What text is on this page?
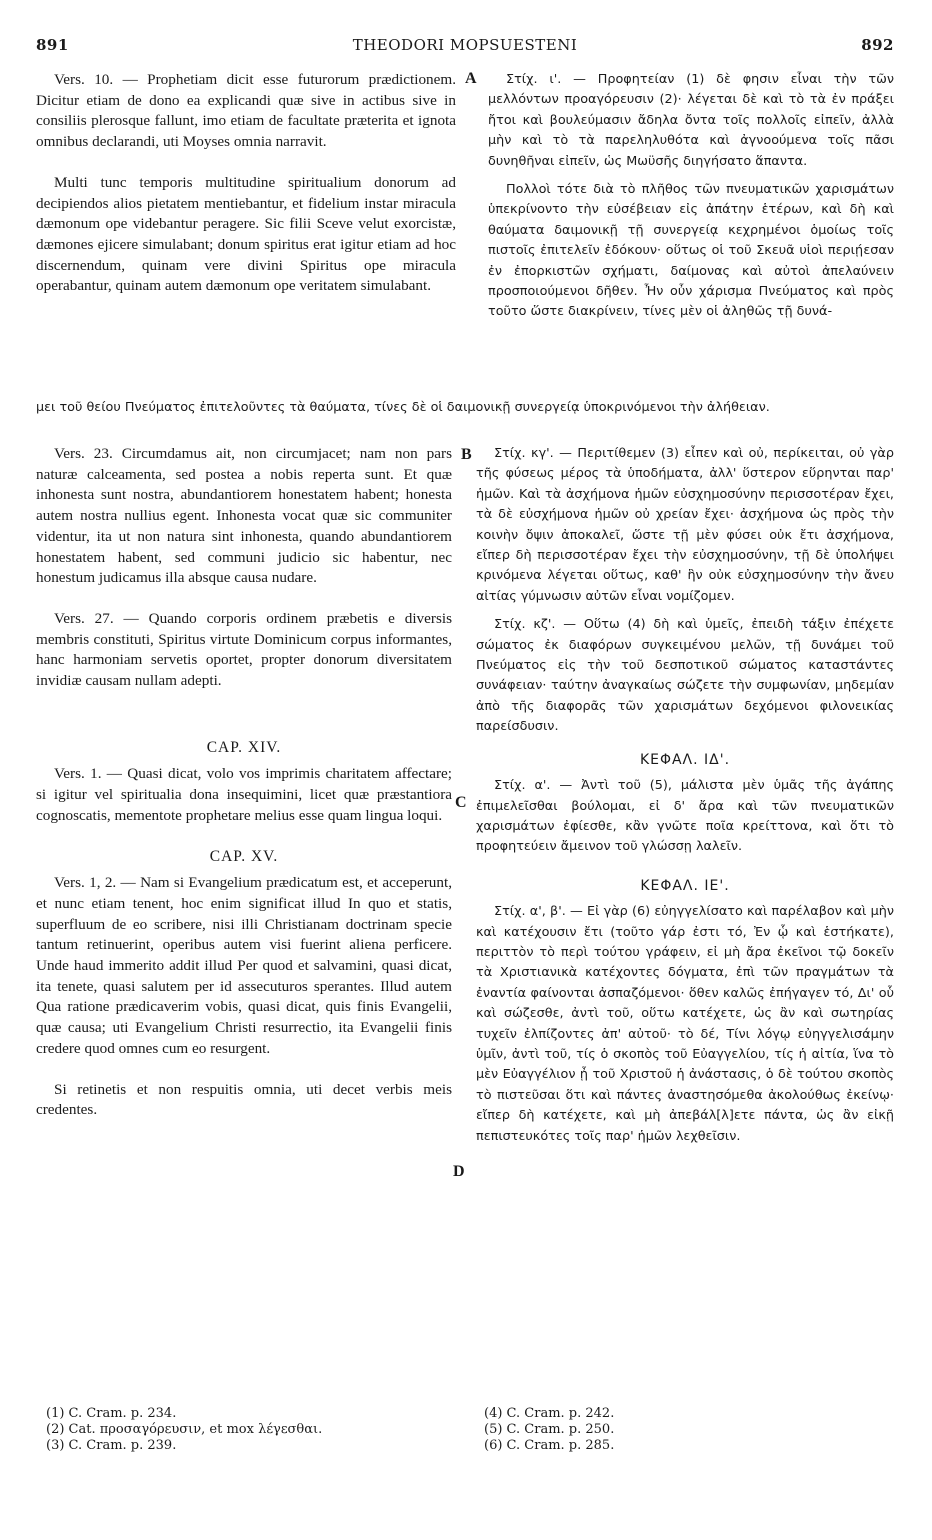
891	THEODORI MOPSUESTENI	892
A
B
C
D

Vers. 10. — Prophetiam dicit esse futurorum prædictionem. Dicitur etiam de dono ea explicandi quæ sive in actibus sive in consiliis plerosque fallunt, imo etiam de facultate præterita et ignota omnibus declarandi, uti Moyses omnia narravit.

Multi tunc temporis multitudine spiritualium donorum ad decipiendos alios pietatem mentiebantur, et fidelium instar miracula dæmonum ope videbantur peragere. Sic filii Sceve velut exorcistæ, dæmones ejicere simulabant; donum spiritus erat igitur etiam ad hoc discernendum, quinam vere divini Spiritus ope miracula operabantur, quinam autem dæmonum ope veritatem simulabant.

Στίχ. ι'. — Προφητείαν (1) δὲ φησιν εἶναι τὴν τῶν μελλόντων προαγόρευσιν (2)· λέγεται δὲ καὶ τὸ τὰ ἐν πράξει ἤτοι καὶ βουλεύμασιν ἄδηλα ὄντα τοῖς πολλοῖς εἰπεῖν, ἀλλὰ μὴν καὶ τὸ τὰ παρεληλυθότα καὶ ἀγνοούμενα τοῖς πᾶσι δυνηθῆναι εἰπεῖν, ὡς Μωϋσῆς διηγήσατο ἅπαντα.

Πολλοὶ τότε διὰ τὸ πλῆθος τῶν πνευματικῶν χαρισμάτων ὑπεκρίνοντο τὴν εὐσέβειαν εἰς ἀπάτην ἑτέρων, καὶ δὴ καὶ θαύματα δαιμονικῇ τῇ συνεργείᾳ κεχρημένοι ὁμοίως τοῖς πιστοῖς ἐπιτελεῖν ἐδόκουν· οὕτως οἱ τοῦ Σκευᾶ υἱοὶ περιῄεσαν ἐν ἐπορκιστῶν σχήματι, δαίμονας καὶ αὐτοὶ ἀπελαύνειν προσποιούμενοι δῆθεν. Ἦν οὖν χάρισμα Πνεύματος καὶ πρὸς τοῦτο ὥστε διακρίνειν, τίνες μὲν οἱ ἀληθῶς τῇ δυνά-

μει τοῦ θείου Πνεύματος ἐπιτελοῦντες τὰ θαύματα, τίνες δὲ οἱ δαιμονικῇ συνεργείᾳ ὑποκρινόμενοι τὴν ἀλήθειαν.

Vers. 23. Circumdamus ait, non circumjacet; nam non pars naturæ calceamenta, sed postea a nobis reperta sunt. Et quæ inhonesta sunt nostra, abundantiorem honestatem habent; honesta autem nostra nullius egent. Inhonesta vocat quæ sic communiter videntur, ita ut non natura sint inhonesta, quando abundantiorem honestatem habent, sed communi judicio sic habentur, nec honestum judicamus illa absque causa nudare.

Vers. 27. — Quando corporis ordinem præbetis e diversis membris constituti, Spiritus virtute Dominicum corpus informantes, hanc harmoniam servetis oportet, propter donorum diversitatem invidiæ causam nullam adepti.

CAP. XIV.

Vers. 1. — Quasi dicat, volo vos imprimis charitatem affectare; si igitur vel spiritualia dona insequimini, licet quæ præstantiora cognoscatis, mementote prophetare melius esse quam lingua loqui.

CAP. XV.

Vers. 1, 2. — Nam si Evangelium prædicatum est, et acceperunt, et nunc etiam tenent, hoc enim significat illud In quo et statis, superfluum de eo scribere, nisi illi Christianam doctrinam specie tantum retinuerint, operibus autem visi fuerint aliena perficere. Unde haud immerito addit illud Per quod et salvamini, quasi dicat, ita tenete, quasi salutem per id assecuturos sperantes. Illud autem Qua ratione prædicaverim vobis, quasi dicat, quis finis Evangelii, quæ causa; uti Evangelium Christi resurrectio, ita Evangelii finis credere quod omnes cum eo resurgent.

Si retinetis et non respuitis omnia, uti decet verbis meis credentes.

Στίχ. κγ'. — Περιτίθεμεν (3) εἶπεν καὶ οὐ, περίκειται, οὐ γὰρ τῆς φύσεως μέρος τὰ ὑποδήματα, ἀλλ' ὕστερον εὕρηνται παρ' ἡμῶν. Καὶ τὰ ἀσχήμονα ἡμῶν εὐσχημοσύνην περισσοτέραν ἔχει, τὰ δὲ εὐσχήμονα ἡμῶν οὐ χρείαν ἔχει· ἀσχήμονα ὡς πρὸς τὴν κοινὴν ὄψιν ἀποκαλεῖ, ὥστε τῇ μὲν φύσει οὐκ ἔτι ἀσχήμονα, εἴπερ δὴ περισσοτέραν ἔχει τὴν εὐσχημοσύνην, τῇ δὲ ὑπολήψει κρινόμενα λέγεται οὕτως, καθ' ἣν οὐκ εὐσχημοσύνην τὴν ἄνευ αἰτίας γύμνωσιν αὐτῶν εἶναι νομίζομεν.

Στίχ. κζ'. — Οὕτω (4) δὴ καὶ ὑμεῖς, ἐπειδὴ τάξιν ἐπέχετε σώματος ἐκ διαφόρων συγκειμένου μελῶν, τῇ δυνάμει τοῦ Πνεύματος εἰς τὴν τοῦ δεσποτικοῦ σώματος καταστάντες συνάφειαν· ταύτην ἀναγκαίως σώζετε τὴν συμφωνίαν, μηδεμίαν ἀπὸ τῆς διαφορᾶς τῶν χαρισμάτων δεχόμενοι φιλονεικίας παρείσδυσιν.

ΚΕΦΑΛ. ΙΔ'.

Στίχ. α'. — Ἀντὶ τοῦ (5), μάλιστα μὲν ὑμᾶς τῆς ἀγάπης ἐπιμελεῖσθαι βούλομαι, εἰ δ' ἄρα καὶ τῶν πνευματικῶν χαρισμάτων ἐφίεσθε, κἂν γνῶτε ποῖα κρείττονα, καὶ ὅτι τὸ προφητεύειν ἄμεινον τοῦ γλώσσῃ λαλεῖν.

ΚΕΦΑΛ. ΙΕ'.

Στίχ. α', β'. — Εἰ γὰρ (6) εὐηγγελίσατο καὶ παρέλαβον καὶ μὴν καὶ κατέχουσιν ἔτι (τοῦτο γάρ ἐστι τό, Ἐν ᾧ καὶ ἑστήκατε), περιττὸν τὸ περὶ τούτου γράφειν, εἰ μὴ ἄρα ἐκεῖνοι τῷ δοκεῖν τὰ Χριστιανικὰ κατέχοντες δόγματα, ἐπὶ τῶν πραγμάτων τὰ ἐναντία φαίνονται ἀσπαζόμενοι· ὅθεν καλῶς ἐπήγαγεν τό, Δι' οὗ καὶ σώζεσθε, ἀντὶ τοῦ, οὕτω κατέχετε, ὡς ἂν καὶ σωτηρίας τυχεῖν ἐλπίζοντες ἀπ' αὐτοῦ· τὸ δέ, Τίνι λόγῳ εὐηγγελισάμην ὑμῖν, ἀντὶ τοῦ, τίς ὁ σκοπὸς τοῦ Εὐαγγελίου, τίς ἡ αἰτία, ἵνα τὸ μὲν Εὐαγγέλιον ᾖ τοῦ Χριστοῦ ἡ ἀνάστασις, ὁ δὲ τούτου σκοπὸς τὸ πιστεῦσαι ὅτι καὶ πάντες ἀναστησόμεθα ἀκολούθως ἐκείνῳ· εἴπερ δὴ κατέχετε, καὶ μὴ ἀπεβάλ[λ]ετε πάντα, ὡς ἂν εἰκῇ πεπιστευκότες τοῖς παρ' ἡμῶν λεχθεῖσιν.

(1) C. Cram. p. 234.

(2) Cat. προσαγόρευσιν, et mox λέγεσθαι.

(3) C. Cram. p. 239.

(4) C. Cram. p. 242.

(5) C. Cram. p. 250.

(6) C. Cram. p. 285.
